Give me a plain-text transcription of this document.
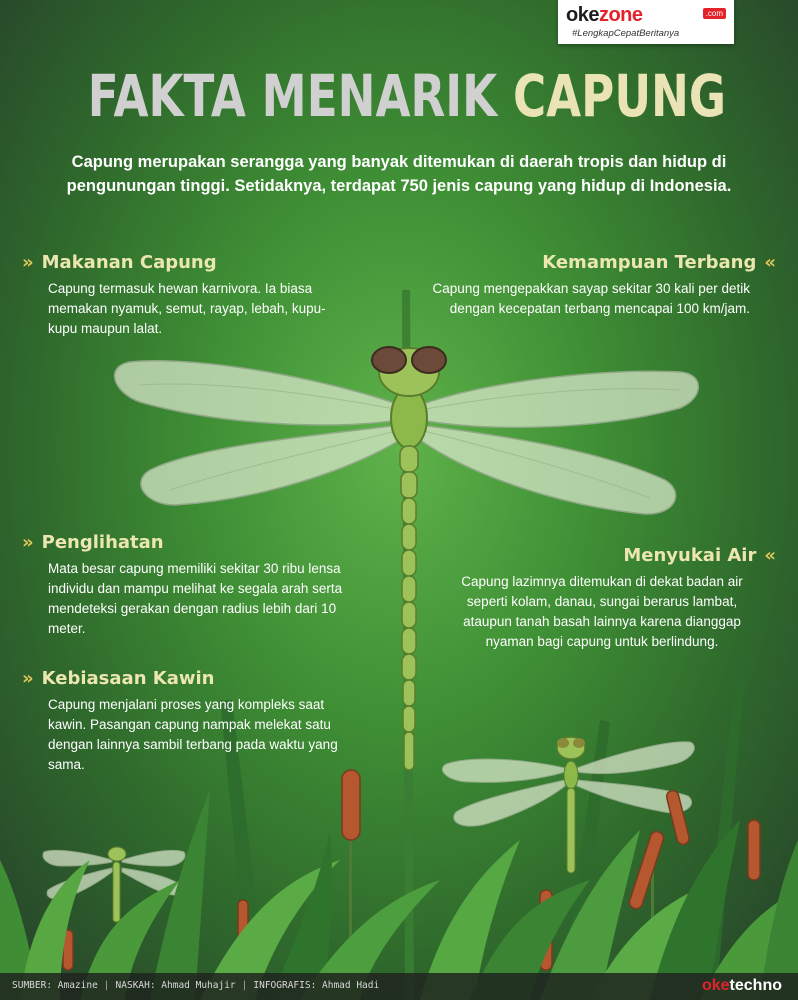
okezone	.com
#LengkapCepatBeritanya
FAKTA MENARIK CAPUNG
Capung merupakan serangga yang banyak ditemukan di daerah tropis dan hidup di pengunungan tinggi. Setidaknya, terdapat 750 jenis capung yang hidup di Indonesia.
» Makanan Capung

Capung termasuk hewan karnivora. Ia biasa memakan nyamuk, semut, rayap, lebah, kupu-kupu maupun lalat.

Kemampuan Terbang «

Capung mengepakkan sayap sekitar 30 kali per detik dengan kecepatan terbang mencapai 100 km/jam.

» Penglihatan

Mata besar capung memiliki sekitar 30 ribu lensa individu dan mampu melihat ke segala arah serta mendeteksi gerakan dengan radius lebih dari 10 meter.

Menyukai Air «

Capung lazimnya ditemukan di dekat badan air seperti kolam, danau, sungai berarus lambat, ataupun tanah basah lainnya karena dianggap nyaman bagi capung untuk berlindung.

» Kebiasaan Kawin

Capung menjalani proses yang kompleks saat kawin. Pasangan capung nampak melekat satu dengan lainnya sambil terbang pada waktu yang sama.

SUMBER: Amazine | NASKAH: Ahmad Muhajir | INFOGRAFIS: Ahmad Hadi	oketechno
